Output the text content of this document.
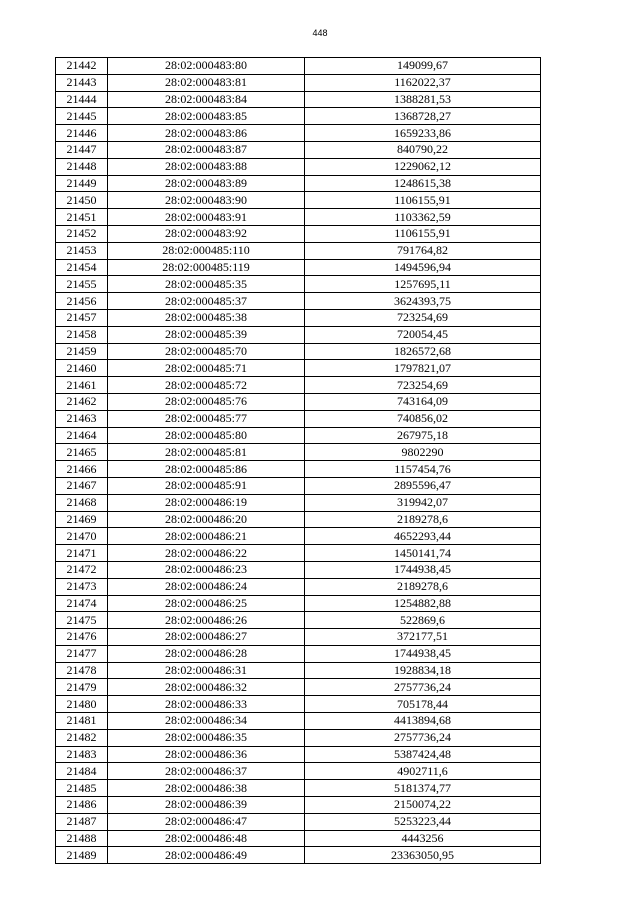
448
21442	28:02:000483:80	149099,67
21443	28:02:000483:81	1162022,37
21444	28:02:000483:84	1388281,53
21445	28:02:000483:85	1368728,27
21446	28:02:000483:86	1659233,86
21447	28:02:000483:87	840790,22
21448	28:02:000483:88	1229062,12
21449	28:02:000483:89	1248615,38
21450	28:02:000483:90	1106155,91
21451	28:02:000483:91	1103362,59
21452	28:02:000483:92	1106155,91
21453	28:02:000485:110	791764,82
21454	28:02:000485:119	1494596,94
21455	28:02:000485:35	1257695,11
21456	28:02:000485:37	3624393,75
21457	28:02:000485:38	723254,69
21458	28:02:000485:39	720054,45
21459	28:02:000485:70	1826572,68
21460	28:02:000485:71	1797821,07
21461	28:02:000485:72	723254,69
21462	28:02:000485:76	743164,09
21463	28:02:000485:77	740856,02
21464	28:02:000485:80	267975,18
21465	28:02:000485:81	9802290
21466	28:02:000485:86	1157454,76
21467	28:02:000485:91	2895596,47
21468	28:02:000486:19	319942,07
21469	28:02:000486:20	2189278,6
21470	28:02:000486:21	4652293,44
21471	28:02:000486:22	1450141,74
21472	28:02:000486:23	1744938,45
21473	28:02:000486:24	2189278,6
21474	28:02:000486:25	1254882,88
21475	28:02:000486:26	522869,6
21476	28:02:000486:27	372177,51
21477	28:02:000486:28	1744938,45
21478	28:02:000486:31	1928834,18
21479	28:02:000486:32	2757736,24
21480	28:02:000486:33	705178,44
21481	28:02:000486:34	4413894,68
21482	28:02:000486:35	2757736,24
21483	28:02:000486:36	5387424,48
21484	28:02:000486:37	4902711,6
21485	28:02:000486:38	5181374,77
21486	28:02:000486:39	2150074,22
21487	28:02:000486:47	5253223,44
21488	28:02:000486:48	4443256
21489	28:02:000486:49	23363050,95
